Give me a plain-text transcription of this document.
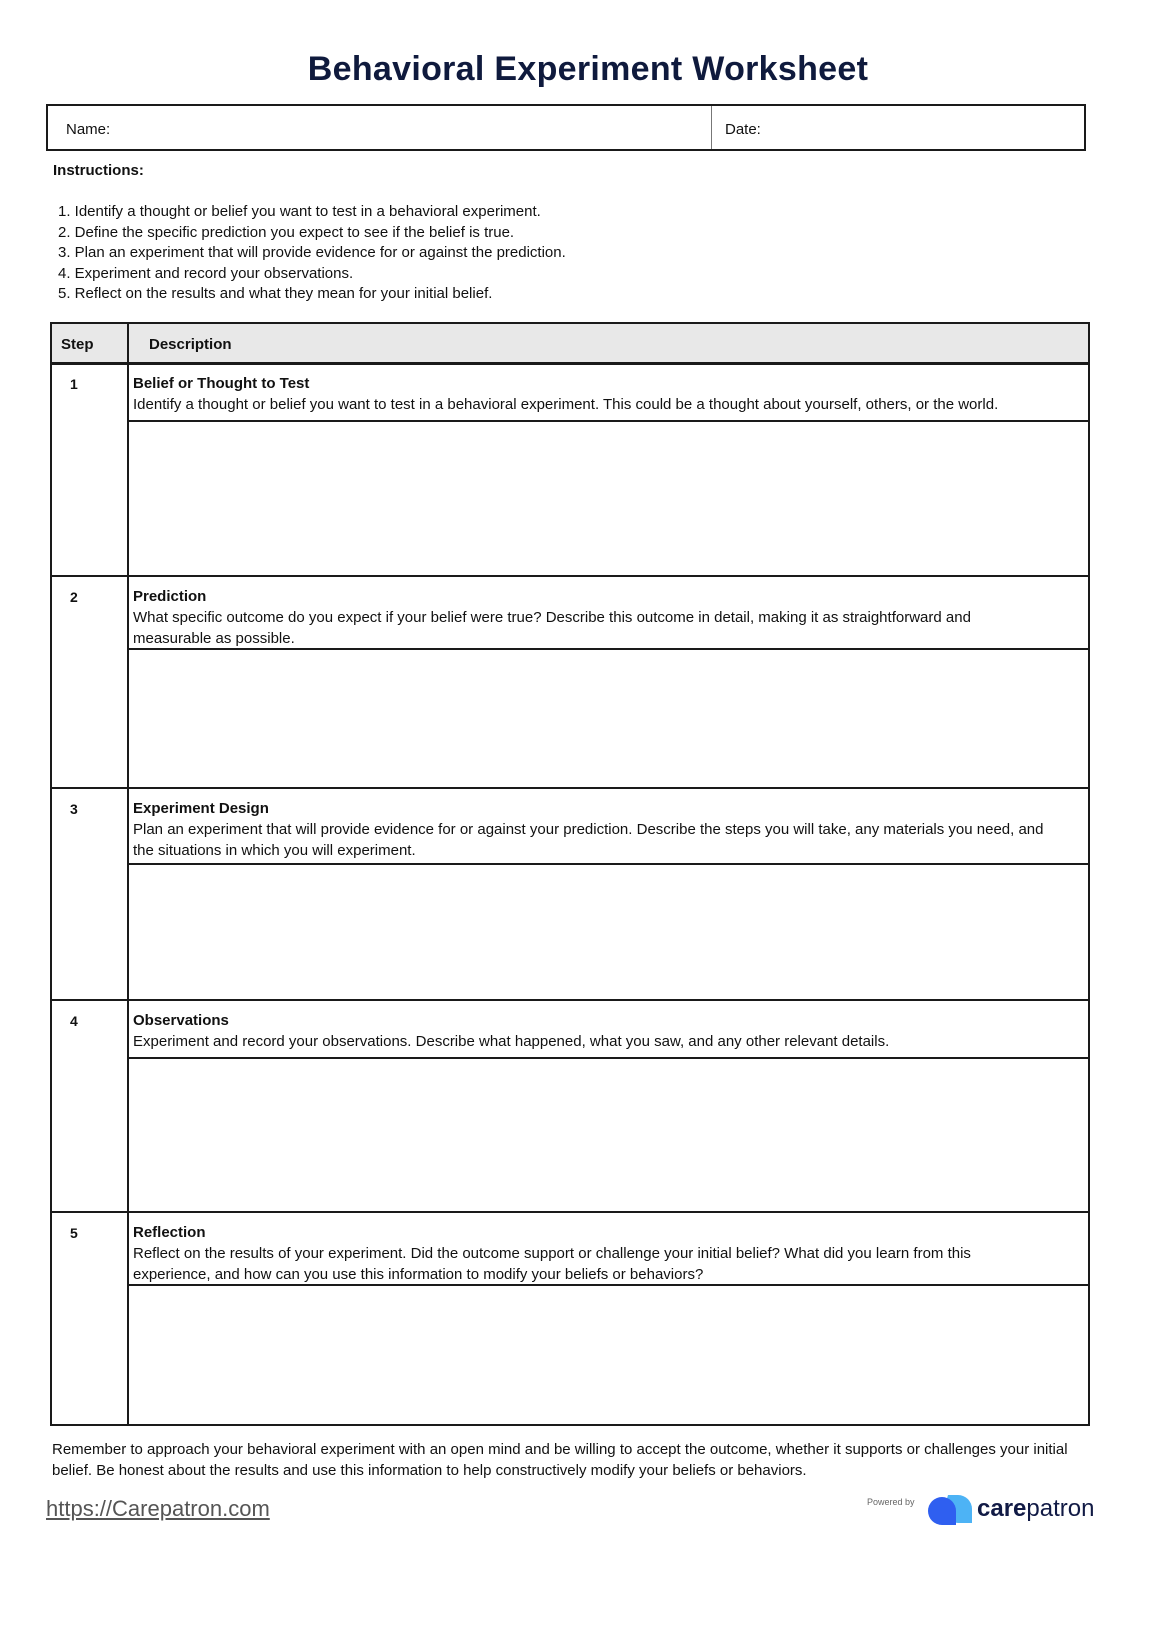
Behavioral Experiment Worksheet
Name:	Date:
Instructions:
1. Identify a thought or belief you want to test in a behavioral experiment.
2. Define the specific prediction you expect to see if the belief is true.
3. Plan an experiment that will provide evidence for or against the prediction.
4. Experiment and record your observations.
5. Reflect on the results and what they mean for your initial belief.
Step	Description
1	Belief or Thought to Test
Identify a thought or belief you want to test in a behavioral experiment. This could be a thought about yourself, others, or the world.
2	Prediction
What specific outcome do you expect if your belief were true? Describe this outcome in detail, making it as straightforward and measurable as possible.
3	Experiment Design
Plan an experiment that will provide evidence for or against your prediction. Describe the steps you will take, any materials you need, and the situations in which you will experiment.
4	Observations
Experiment and record your observations. Describe what happened, what you saw, and any other relevant details.
5	Reflection
Reflect on the results of your experiment. Did the outcome support or challenge your initial belief? What did you learn from this experience, and how can you use this information to modify your beliefs or behaviors?
Remember to approach your behavioral experiment with an open mind and be willing to accept the outcome, whether it supports or challenges your initial belief. Be honest about the results and use this information to help constructively modify your beliefs or behaviors.
https://Carepatron.com	Powered by	carepatron
